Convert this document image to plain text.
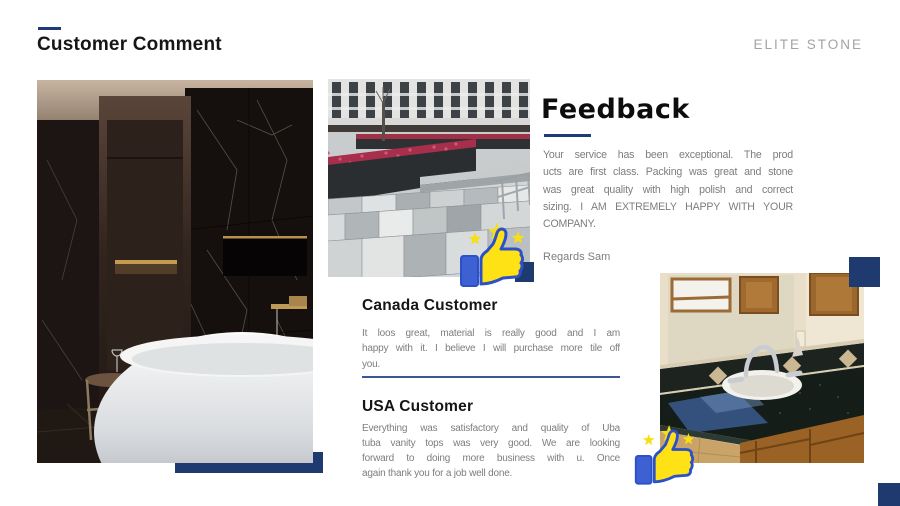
Customer Comment	ELITE STONE
Feedback
Your service has been exceptional. The prod
ucts are first class. Packing was great and stone
was great quality with high polish and correct
sizing. I AM EXTREMELY HAPPY WITH YOUR
COMPANY.
Regards Sam
Canada Customer
It loos great, material is really good and I am
happy with it. I believe I will purchase more tile off
you.
USA Customer
Everything was satisfactory and quality of Uba
tuba vanity tops was very good. We are looking
forward to doing more business with u. Once
again thank you for a job well done.
